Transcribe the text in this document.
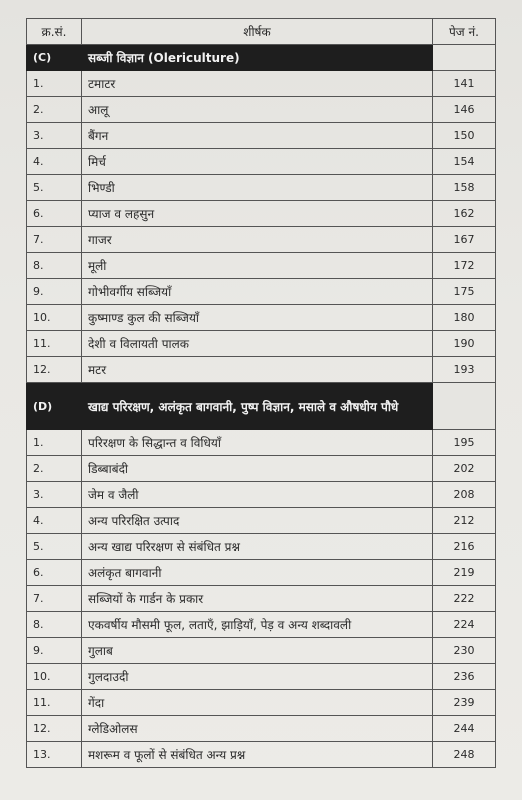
क्र.सं.	शीर्षक	पेज नं.
(C)	सब्जी विज्ञान (Olericulture)	
1.	टमाटर	141
2.	आलू	146
3.	बैंगन	150
4.	मिर्च	154
5.	भिण्डी	158
6.	प्याज व लहसुन	162
7.	गाजर	167
8.	मूली	172
9.	गोभीवर्गीय सब्जियाँ	175
10.	कुष्माण्ड कुल की सब्जियाँ	180
11.	देशी व विलायती पालक	190
12.	मटर	193
(D)	खाद्य परिरक्षण, अलंकृत बागवानी, पुष्प विज्ञान, मसाले व औषधीय पौधे	
1.	परिरक्षण के सिद्धान्त व विधियाँ	195
2.	डिब्बाबंदी	202
3.	जेम व जैली	208
4.	अन्य परिरक्षित उत्पाद	212
5.	अन्य खाद्य परिरक्षण से संबंधित प्रश्न	216
6.	अलंकृत बागवानी	219
7.	सब्जियों के गार्डन के प्रकार	222
8.	एकवर्षीय मौसमी फूल, लताएँ, झाड़ियाँ, पेड़ व अन्य शब्दावली	224
9.	गुलाब	230
10.	गुलदाउदी	236
11.	गेंदा	239
12.	ग्लेडिओलस	244
13.	मशरूम व फूलों से संबंधित अन्य प्रश्न	248
